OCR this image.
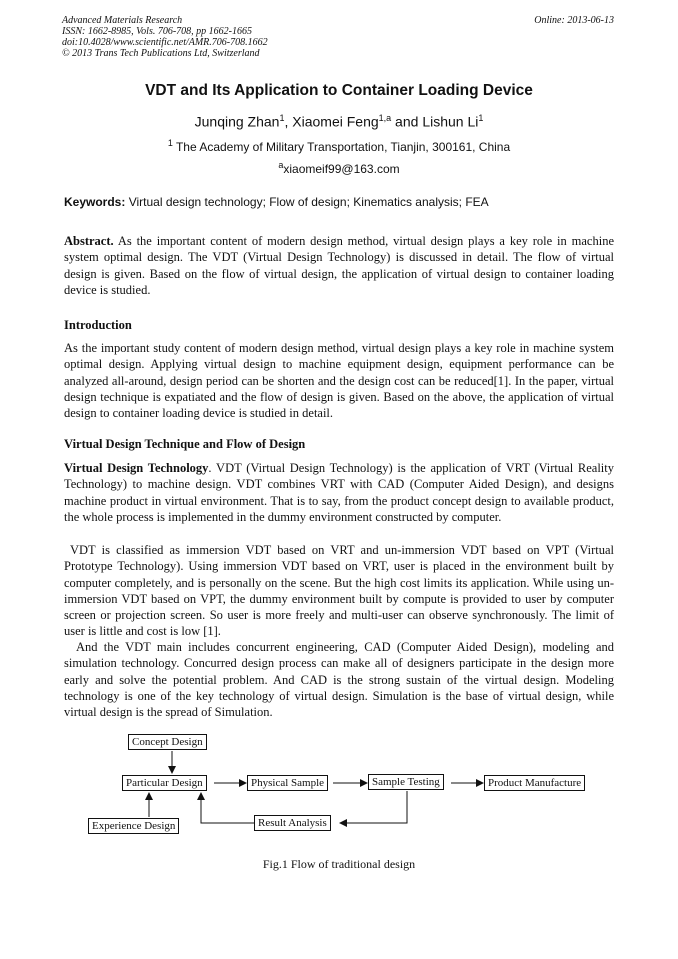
Advanced Materials Research
ISSN: 1662-8985, Vols. 706-708, pp 1662-1665
doi:10.4028/www.scientific.net/AMR.706-708.1662
© 2013 Trans Tech Publications Ltd, Switzerland
Online: 2013-06-13
VDT and Its Application to Container Loading Device
Junqing Zhan$^1$, Xiaomei Feng$^{1,a}$ and Lishun Li$^1$
$^1$ The Academy of Military Transportation, Tianjin, 300161, China
$^a$xiaomeif99@163.com
Keywords: Virtual design technology; Flow of design; Kinematics analysis; FEA

Abstract. As the important content of modern design method, virtual design plays a key role in machine system optimal design. The VDT (Virtual Design Technology) is discussed in detail. The flow of virtual design is given. Based on the flow of virtual design, the application of virtual design to container loading device is studied.

Introduction

As the important study content of modern design method, virtual design plays a key role in machine system optimal design. Applying virtual design to machine equipment design, equipment performance can be analyzed all-around, design period can be shorten and the design cost can be reduced[1]. In the paper, virtual design technique is expatiated and the flow of design is given. Based on the above, the application of virtual design to container loading device is studied in detail.

Virtual Design Technique and Flow of Design

Virtual Design Technology. VDT (Virtual Design Technology) is the application of VRT (Virtual Reality Technology) to machine design. VDT combines VRT with CAD (Computer Aided Design), and designs machine product in virtual environment. That is to say, from the product concept design to available product, the whole process is implemented in the dummy environment constructed by computer.

VDT is classified as immersion VDT based on VRT and un-immersion VDT based on VPT (Virtual Prototype Technology). Using immersion VDT based on VRT, user is placed in the environment built by computer completely, and is personally on the scene. But the high cost limits its application. While using un-immersion VDT based on VPT, the dummy environment built by compute is provided to user by computer screen or projection screen. So user is more freely and multi-user can observe synchronously. The limit of user is little and cost is low [1].

And the VDT main includes concurrent engineering, CAD (Computer Aided Design), modeling and simulation technology. Concurred design process can make all of designers participate in the design more early and solve the potential problem. And CAD is the strong sustain of the virtual design. Modeling technology is one of the key technology of virtual design. Simulation is the base of virtual design, while virtual design is the spread of Simulation.

Concept Design
Particular Design	Physical Sample	Sample Testing	Product Manufacture
Result Analysis
Experience Design
Fig.1 Flow of traditional design
